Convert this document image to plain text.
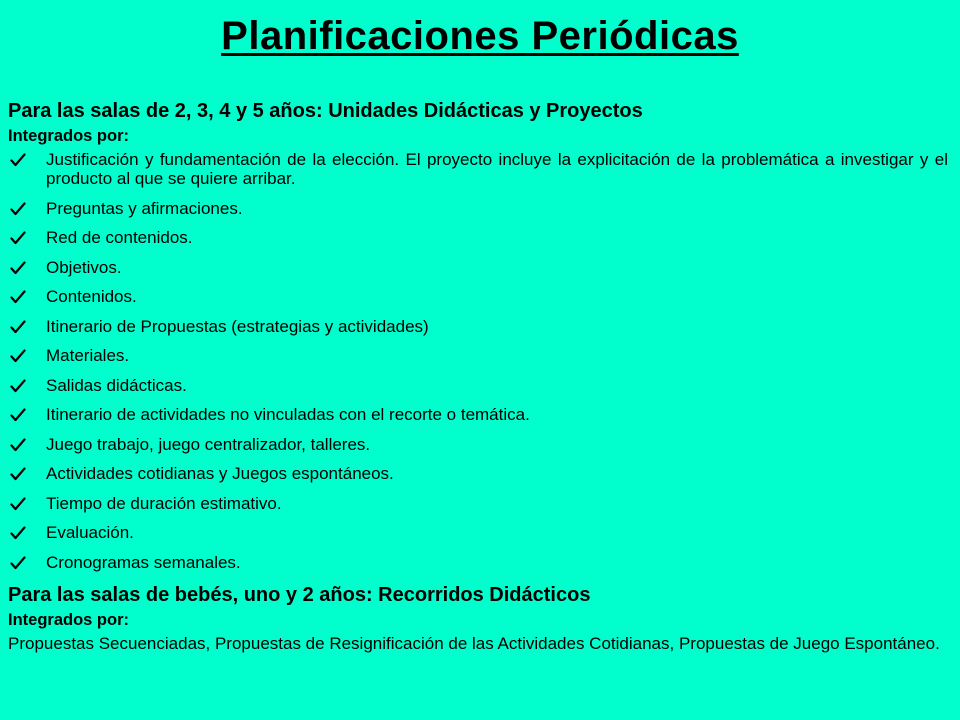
Planificaciones Periódicas

Para las salas de 2, 3, 4 y 5 años: Unidades Didácticas y Proyectos

Integrados por:

Justificación y fundamentación de la elección. El proyecto incluye la explicitación de la problemática a investigar y el producto al que se quiere arribar.
Preguntas y afirmaciones.
Red de contenidos.
Objetivos.
Contenidos.
Itinerario de Propuestas (estrategias y actividades)
Materiales.
Salidas didácticas.
Itinerario de actividades no vinculadas con el recorte o temática.
Juego trabajo, juego centralizador, talleres.
Actividades cotidianas y Juegos espontáneos.
Tiempo de duración estimativo.
Evaluación.
Cronogramas semanales.

Para las salas de bebés, uno y 2 años: Recorridos Didácticos

Integrados por:

Propuestas Secuenciadas, Propuestas de Resignificación de las Actividades Cotidianas, Propuestas de Juego Espontáneo.
